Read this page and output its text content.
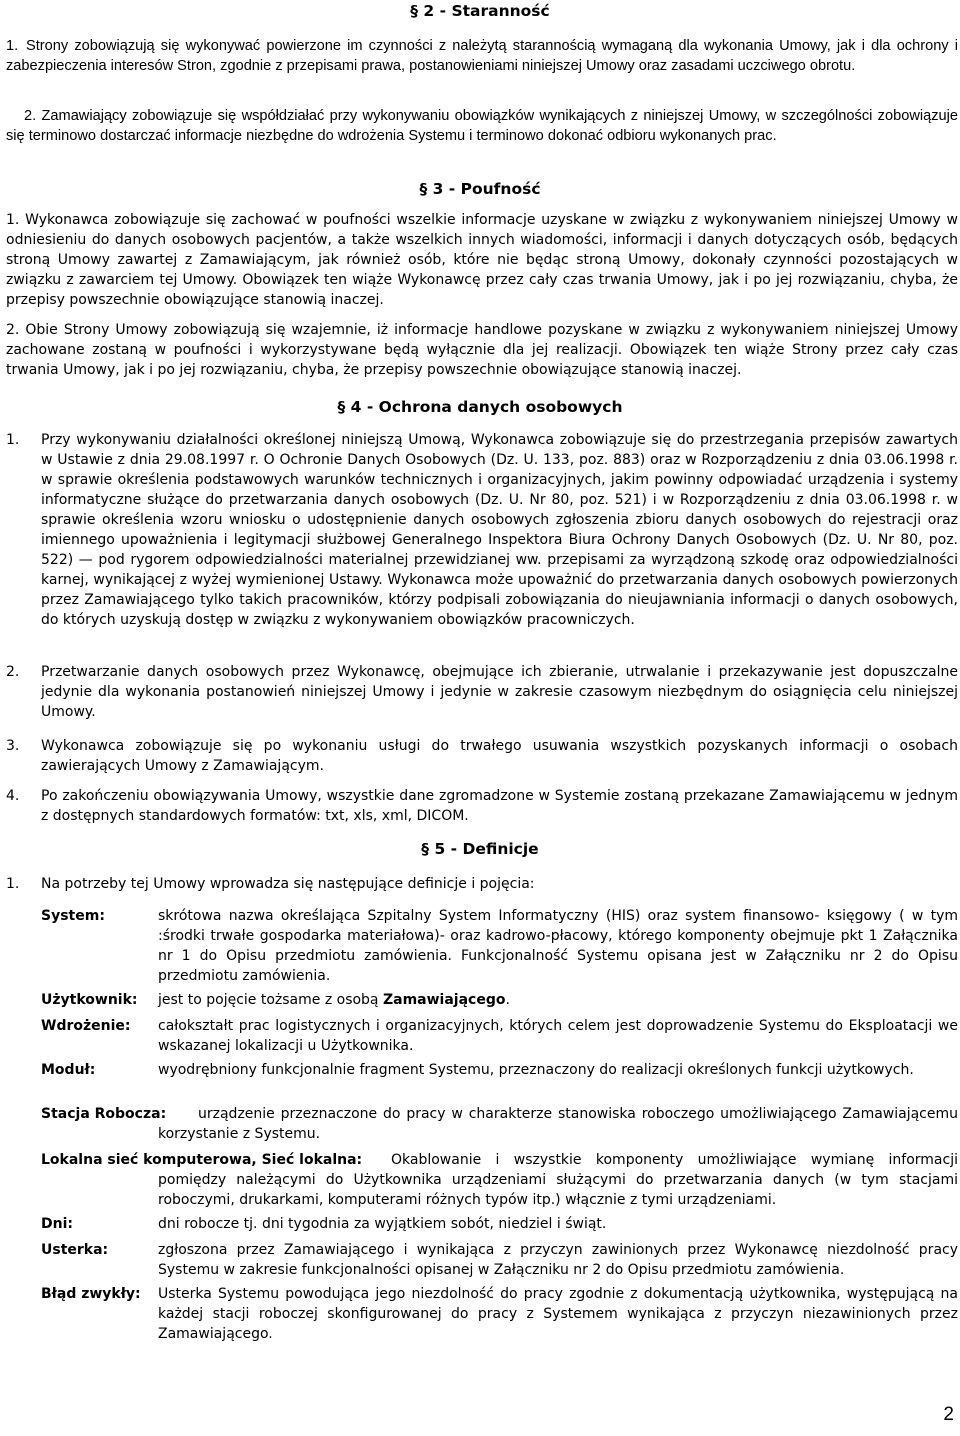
§ 2 - Staranność
1. Strony zobowiązują się wykonywać powierzone im czynności z należytą starannością wymaganą dla wykonania Umowy, jak i dla ochrony i zabezpieczenia interesów Stron, zgodnie z przepisami prawa, postanowieniami niniejszej Umowy oraz zasadami uczciwego obrotu.
2. Zamawiający zobowiązuje się współdziałać przy wykonywaniu obowiązków wynikających z niniejszej Umowy, w szczególności zobowiązuje się terminowo dostarczać informacje niezbędne do wdrożenia Systemu i terminowo dokonać odbioru wykonanych prac.
§ 3 - Poufność
1. Wykonawca zobowiązuje się zachować w poufności wszelkie informacje uzyskane w związku z wykonywaniem niniejszej Umowy w odniesieniu do danych osobowych pacjentów, a także wszelkich innych wiadomości, informacji i danych dotyczących osób, będących stroną Umowy zawartej z Zamawiającym, jak również osób, które nie będąc stroną Umowy, dokonały czynności pozostających w związku z zawarciem tej Umowy. Obowiązek ten wiąże Wykonawcę przez cały czas trwania Umowy, jak i po jej rozwiązaniu, chyba, że przepisy powszechnie obowiązujące stanowią inaczej.
2. Obie Strony Umowy zobowiązują się wzajemnie, iż informacje handlowe pozyskane w związku z wykonywaniem niniejszej Umowy zachowane zostaną w poufności i wykorzystywane będą wyłącznie dla jej realizacji. Obowiązek ten wiąże Strony przez cały czas trwania Umowy, jak i po jej rozwiązaniu, chyba, że przepisy powszechnie obowiązujące stanowią inaczej.
§ 4 - Ochrona danych osobowych
1. Przy wykonywaniu działalności określonej niniejszą Umową, Wykonawca zobowiązuje się do przestrzegania przepisów zawartych w Ustawie z dnia 29.08.1997 r. O Ochronie Danych Osobowych (Dz. U. 133, poz. 883) oraz w Rozporządzeniu z dnia 03.06.1998 r. w sprawie określenia podstawowych warunków technicznych i organizacyjnych, jakim powinny odpowiadać urządzenia i systemy informatyczne służące do przetwarzania danych osobowych (Dz. U. Nr 80, poz. 521) i w Rozporządzeniu z dnia 03.06.1998 r. w sprawie określenia wzoru wniosku o udostępnienie danych osobowych zgłoszenia zbioru danych osobowych do rejestracji oraz imiennego upoważnienia i legitymacji służbowej Generalnego Inspektora Biura Ochrony Danych Osobowych (Dz. U. Nr 80, poz. 522) — pod rygorem odpowiedzialności materialnej przewidzianej ww. przepisami za wyrządzoną szkodę oraz odpowiedzialności karnej, wynikającej z wyżej wymienionej Ustawy. Wykonawca może upoważnić do przetwarzania danych osobowych powierzonych przez Zamawiającego tylko takich pracowników, którzy podpisali zobowiązania do nieujawniania informacji o danych osobowych, do których uzyskują dostęp w związku z wykonywaniem obowiązków pracowniczych.
2. Przetwarzanie danych osobowych przez Wykonawcę, obejmujące ich zbieranie, utrwalanie i przekazywanie jest dopuszczalne jedynie dla wykonania postanowień niniejszej Umowy i jedynie w zakresie czasowym niezbędnym do osiągnięcia celu niniejszej Umowy.
3. Wykonawca zobowiązuje się po wykonaniu usługi do trwałego usuwania wszystkich pozyskanych informacji o osobach zawierających Umowy z Zamawiającym.
4. Po zakończeniu obowiązywania Umowy, wszystkie dane zgromadzone w Systemie zostaną przekazane Zamawiającemu w jednym z dostępnych standardowych formatów: txt, xls, xml, DICOM.
§ 5 - Definicje
1. Na potrzeby tej Umowy wprowadza się następujące definicje i pojęcia:
System:	skrótowa nazwa określająca Szpitalny System Informatyczny (HIS) oraz system finansowo- księgowy ( w tym :środki trwałe gospodarka materiałowa)- oraz kadrowo-płacowy, którego komponenty obejmuje pkt 1 Załącznika nr 1 do Opisu przedmiotu zamówienia. Funkcjonalność Systemu opisana jest w Załączniku nr 2 do Opisu przedmiotu zamówienia.
Użytkownik: jest to pojęcie tożsame z osobą Zamawiającego.
Wdrożenie: całokształt prac logistycznych i organizacyjnych, których celem jest doprowadzenie Systemu do Eksploatacji we wskazanej lokalizacji u Użytkownika.
Moduł:	wyodrębniony funkcjonalnie fragment Systemu, przeznaczony do realizacji określonych funkcji użytkowych.
Stacja Robocza:	urządzenie przeznaczone do pracy w charakterze stanowiska roboczego umożliwiającego Zamawiającemu korzystanie z Systemu.
Lokalna sieć komputerowa, Sieć lokalna:	Okablowanie i wszystkie komponenty umożliwiające wymianę informacji pomiędzy należącymi do Użytkownika urządzeniami służącymi do przetwarzania danych (w tym stacjami roboczymi, drukarkami, komputerami różnych typów itp.) włącznie z tymi urządzeniami.
Dni:	dni robocze tj. dni tygodnia za wyjątkiem sobót, niedziel i świąt.
Usterka:	zgłoszona przez Zamawiającego i wynikająca z przyczyn zawinionych przez Wykonawcę niezdolność pracy Systemu w zakresie funkcjonalności opisanej w Załączniku nr 2 do Opisu przedmiotu zamówienia.
Błąd zwykły: Usterka Systemu powodująca jego niezdolność do pracy zgodnie z dokumentacją użytkownika, występującą na każdej stacji roboczej skonfigurowanej do pracy z Systemem wynikająca z przyczyn niezawinionych przez Zamawiającego.
2
